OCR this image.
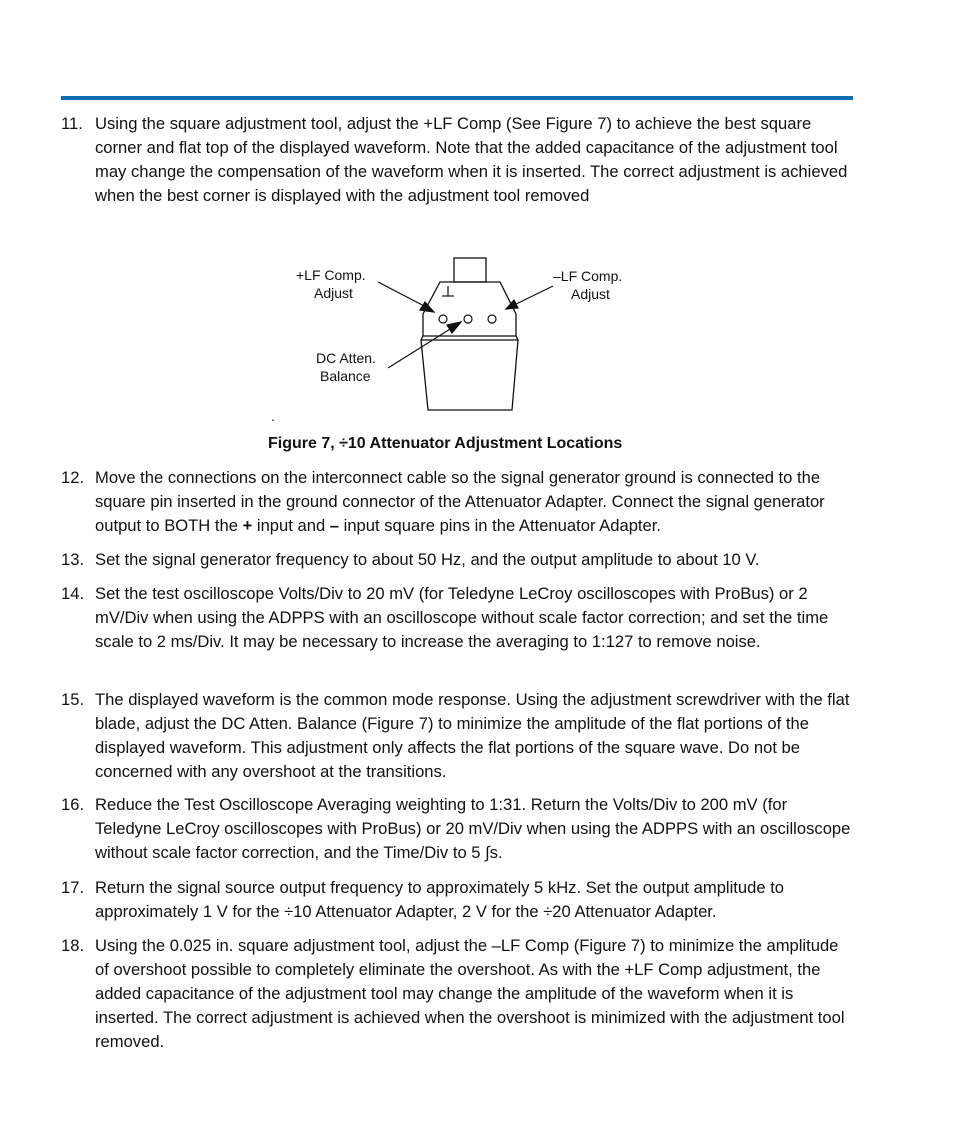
11. Using the square adjustment tool, adjust the +LF Comp (See Figure 7) to achieve the best square corner and flat top of the displayed waveform. Note that the added capacitance of the adjustment tool may change the compensation of the waveform when it is inserted. The correct adjustment is achieved when the best corner is displayed with the adjustment tool removed
+LF Comp.
Adjust
–LF Comp.
Adjust
DC Atten.
Balance
.
Figure 7, ÷10 Attenuator Adjustment Locations
12. Move the connections on the interconnect cable so the signal generator ground is connected to the square pin inserted in the ground connector of the Attenuator Adapter. Connect the signal generator output to BOTH the + input and – input square pins in the Attenuator Adapter.
13. Set the signal generator frequency to about 50 Hz, and the output amplitude to about 10 V.
14. Set the test oscilloscope Volts/Div to 20 mV (for Teledyne LeCroy oscilloscopes with ProBus) or 2 mV/Div when using the ADPPS with an oscilloscope without scale factor correction; and set the time scale to 2 ms/Div. It may be necessary to increase the averaging to 1:127 to remove noise.
15. The displayed waveform is the common mode response. Using the adjustment screwdriver with the flat blade, adjust the DC Atten. Balance (Figure 7) to minimize the amplitude of the flat portions of the displayed waveform. This adjustment only affects the flat portions of the square wave. Do not be concerned with any overshoot at the transitions.
16. Reduce the Test Oscilloscope Averaging weighting to 1:31. Return the Volts/Div to 200 mV (for Teledyne LeCroy oscilloscopes with ProBus) or 20 mV/Div when using the ADPPS with an oscilloscope without scale factor correction, and the Time/Div to 5 ∫s.
17. Return the signal source output frequency to approximately 5 kHz. Set the output amplitude to approximately 1 V for the ÷10 Attenuator Adapter, 2 V for the ÷20 Attenuator Adapter.
18. Using the 0.025 in. square adjustment tool, adjust the –LF Comp (Figure 7) to minimize the amplitude of overshoot possible to completely eliminate the overshoot. As with the +LF Comp adjustment, the added capacitance of the adjustment tool may change the amplitude of the waveform when it is inserted. The correct adjustment is achieved when the overshoot is minimized with the adjustment tool removed.
